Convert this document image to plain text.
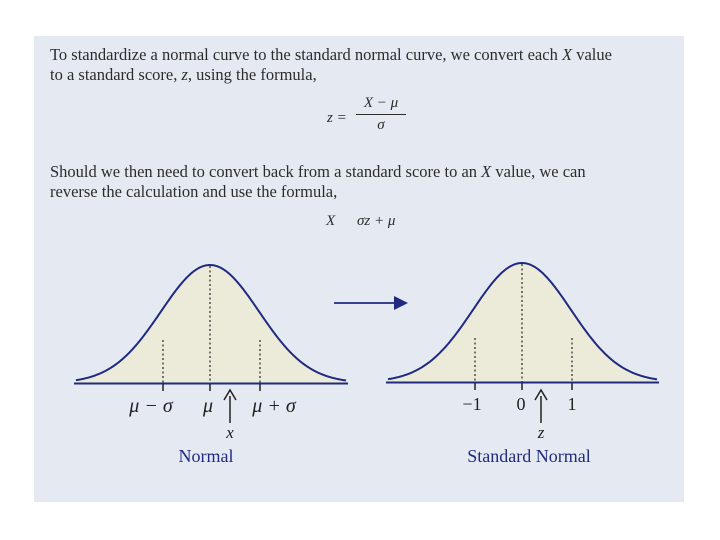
To standardize a normal curve to the standard normal curve, we convert each X value
to a standard score, z, using the formula,
z =
X − μ
σ
Should we then need to convert back from a standard score to an X value, we can
reverse the calculation and use the formula,
X σz + μ
μ − σ μ μ + σ
x
Normal
−1 0 1
z
Standard Normal
